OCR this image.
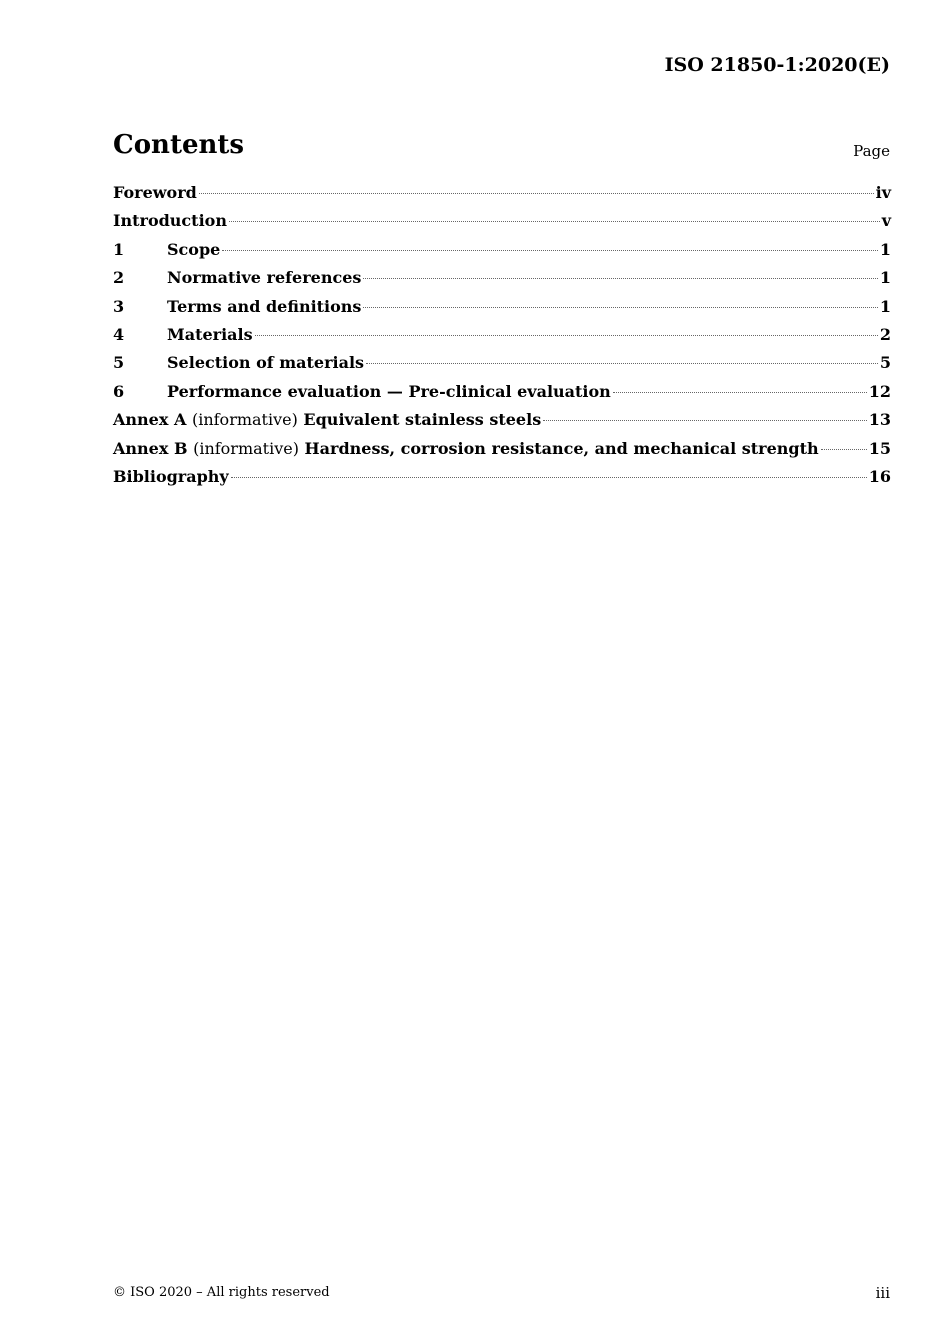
ISO 21850-1:2020(E)
Contents	Page
Foreword	iv
Introduction	v
1	Scope	1
2	Normative references	1
3	Terms and definitions	1
4	Materials	2
5	Selection of materials	5
6	Performance evaluation — Pre-clinical evaluation	12
Annex A (informative) Equivalent stainless steels	13
Annex B (informative) Hardness, corrosion resistance, and mechanical strength	15
Bibliography	16
© ISO 2020 – All rights reserved	iii
